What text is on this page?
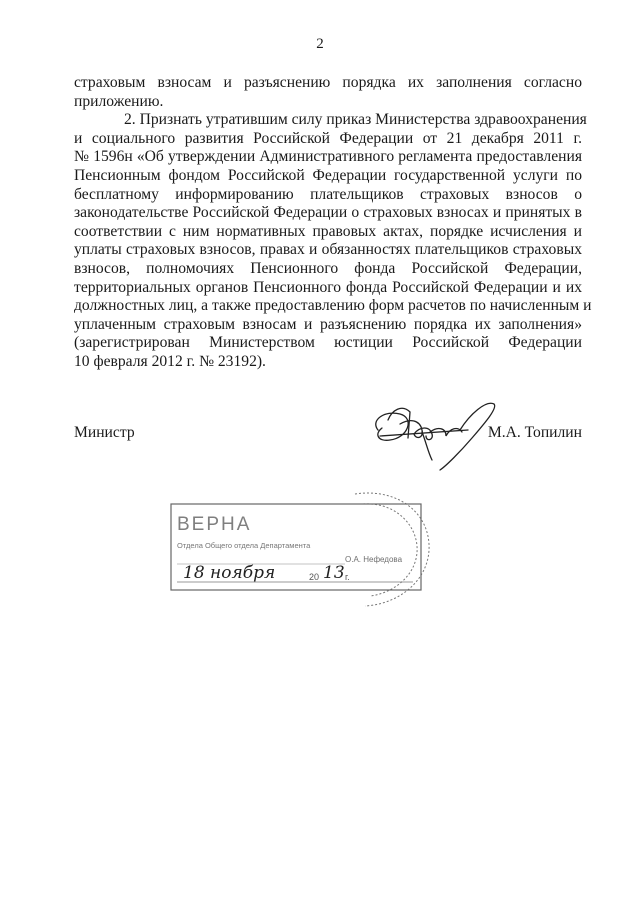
2
страховым взносам и разъяснению порядка их заполнения согласно
приложению.
2. Признать утратившим силу приказ Министерства здравоохранения
и социального развития Российской Федерации от 21 декабря 2011 г.
№ 1596н «Об утверждении Административного регламента предоставления
Пенсионным фондом Российской Федерации государственной услуги по
бесплатному информированию плательщиков страховых взносов о
законодательстве Российской Федерации о страховых взносах и принятых в
соответствии с ним нормативных правовых актах, порядке исчисления и
уплаты страховых взносов, правах и обязанностях плательщиков страховых
взносов, полномочиях Пенсионного фонда Российской Федерации,
территориальных органов Пенсионного фонда Российской Федерации и их
должностных лиц, а также предоставлению форм расчетов по начисленным и
уплаченным страховым взносам и разъяснению порядка их заполнения»
(зарегистрирован Министерством юстиции Российской Федерации
10 февраля 2012 г. № 23192).
Министр	М.А. Топилин
ВЕРНА
Отдела Общего отдела Департамента
О.А. Нефедова
20	г.
18 ноября	13
